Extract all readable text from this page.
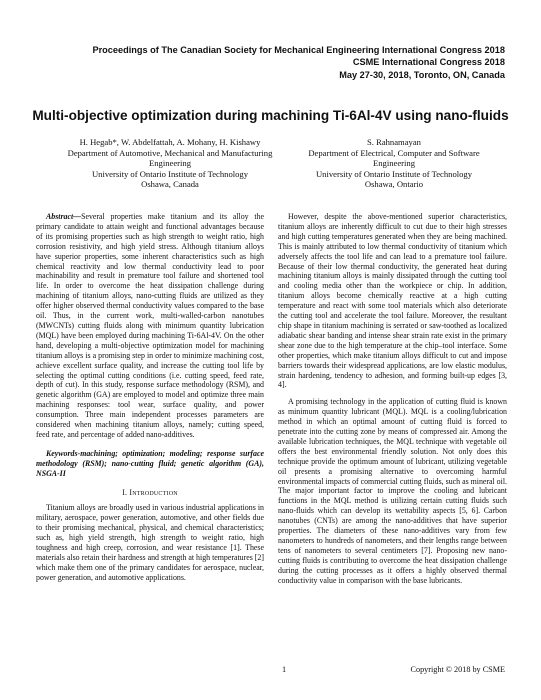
Proceedings of The Canadian Society for Mechanical Engineering International Congress 2018
CSME International Congress 2018
May 27-30, 2018, Toronto, ON, Canada
Multi-objective optimization during machining Ti-6Al-4V using nano-fluids
H. Hegab*, W. Abdelfattah, A. Mohany, H. Kishawy
Department of Automotive, Mechanical and Manufacturing Engineering
University of Ontario Institute of Technology
Oshawa, Canada
S. Rahnamayan
Department of Electrical, Computer and Software Engineering
University of Ontario Institute of Technology
Oshawa, Ontario

Abstract—Several properties make titanium and its alloy the primary candidate to attain weight and functional advantages because of its promising properties such as high strength to weight ratio, high corrosion resistivity, and high yield stress. Although titanium alloys have superior properties, some inherent characteristics such as high chemical reactivity and low thermal conductivity lead to poor machinability and result in premature tool failure and shortened tool life. In order to overcome the heat dissipation challenge during machining of titanium alloys, nano-cutting fluids are utilized as they offer higher observed thermal conductivity values compared to the base oil. Thus, in the current work, multi-walled-carbon nanotubes (MWCNTs) cutting fluids along with minimum quantity lubrication (MQL) have been employed during machining Ti-6Al-4V. On the other hand, developing a multi-objective optimization model for machining titanium alloys is a promising step in order to minimize machining cost, achieve excellent surface quality, and increase the cutting tool life by selecting the optimal cutting conditions (i.e. cutting speed, feed rate, depth of cut). In this study, response surface methodology (RSM), and genetic algorithm (GA) are employed to model and optimize three main machining responses: tool wear, surface quality, and power consumption. Three main independent processes parameters are considered when machining titanium alloys, namely; cutting speed, feed rate, and percentage of added nano-additives.

Keywords-machining; optimization; modeling; response surface methodology (RSM); nano-cutting fluid; genetic algorithm (GA), NSGA-II

I. Introduction

Titanium alloys are broadly used in various industrial applications in military, aerospace, power generation, automotive, and other fields due to their promising mechanical, physical, and chemical characteristics; such as, high yield strength, high strength to weight ratio, high toughness and high creep, corrosion, and wear resistance [1]. These materials also retain their hardness and strength at high temperatures [2] which make them one of the primary candidates for aerospace, nuclear, power generation, and automotive applications.

However, despite the above-mentioned superior characteristics, titanium alloys are inherently difficult to cut due to their high stresses and high cutting temperatures generated when they are being machined. This is mainly attributed to low thermal conductivity of titanium which adversely affects the tool life and can lead to a premature tool failure. Because of their low thermal conductivity, the generated heat during machining titanium alloys is mainly dissipated through the cutting tool and cooling media other than the workpiece or chip. In addition, titanium alloys become chemically reactive at a high cutting temperature and react with some tool materials which also deteriorate the cutting tool and accelerate the tool failure. Moreover, the resultant chip shape in titanium machining is serrated or saw-toothed as localized adiabatic shear banding and intense shear strain rate exist in the primary shear zone due to the high temperature at the chip–tool interface. Some other properties, which make titanium alloys difficult to cut and impose barriers towards their widespread applications, are low elastic modulus, strain hardening, tendency to adhesion, and forming built-up edges [3, 4].

A promising technology in the application of cutting fluid is known as minimum quantity lubricant (MQL). MQL is a cooling/lubrication method in which an optimal amount of cutting fluid is forced to penetrate into the cutting zone by means of compressed air. Among the available lubrication techniques, the MQL technique with vegetable oil offers the best environmental friendly solution. Not only does this technique provide the optimum amount of lubricant, utilizing vegetable oil presents a promising alternative to overcoming harmful environmental impacts of commercial cutting fluids, such as mineral oil. The major important factor to improve the cooling and lubricant functions in the MQL method is utilizing certain cutting fluids such nano-fluids which can develop its wettability aspects [5, 6]. Carbon nanotubes (CNTs) are among the nano-additives that have superior properties. The diameters of these nano-additives vary from few nanometers to hundreds of nanometers, and their lengths range between tens of nanometers to several centimeters [7]. Proposing new nano-cutting fluids is contributing to overcome the heat dissipation challenge during the cutting processes as it offers a highly observed thermal conductivity value in comparison with the base lubricants.

1	Copyright © 2018 by CSME
